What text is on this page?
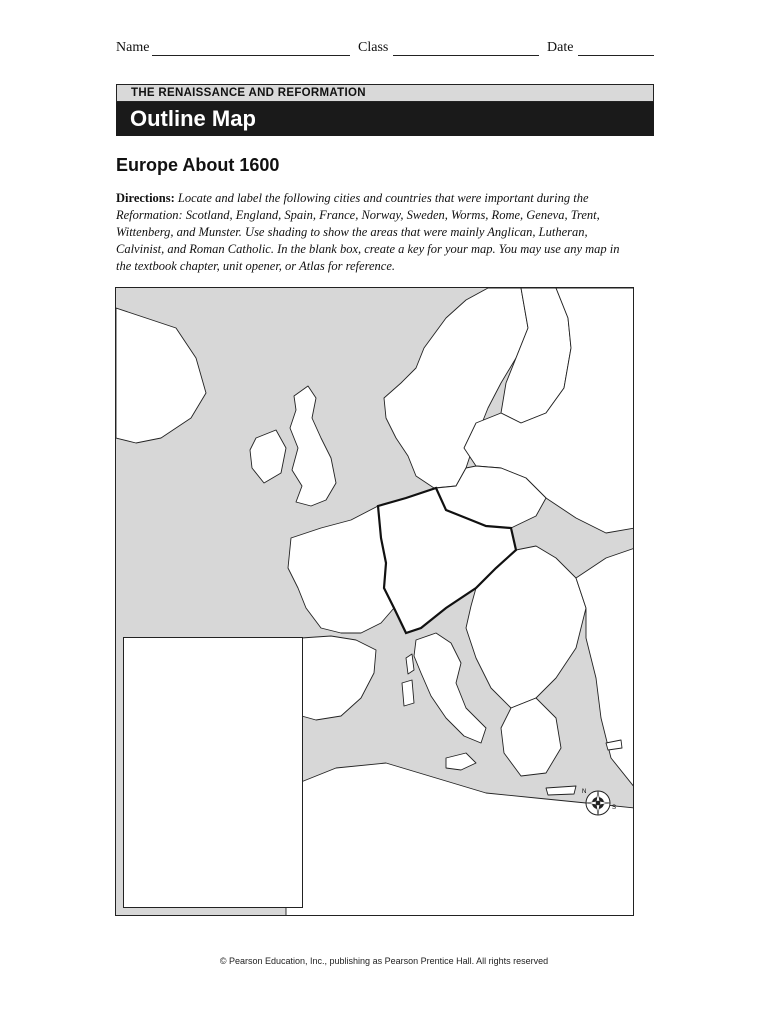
Name	Class	Date
THE RENAISSANCE AND REFORMATION
Outline Map
Europe About 1600
Directions: Locate and label the following cities and countries that were important during the Reformation: Scotland, England, Spain, France, Norway, Sweden, Worms, Rome, Geneva, Trent, Wittenberg, and Munster. Use shading to show the areas that were mainly Anglican, Lutheran, Calvinist, and Roman Catholic. In the blank box, create a key for your map. You may use any map in the textbook chapter, unit opener, or Atlas for reference.
N
S
© Pearson Education, Inc., publishing as Pearson Prentice Hall. All rights reserved
